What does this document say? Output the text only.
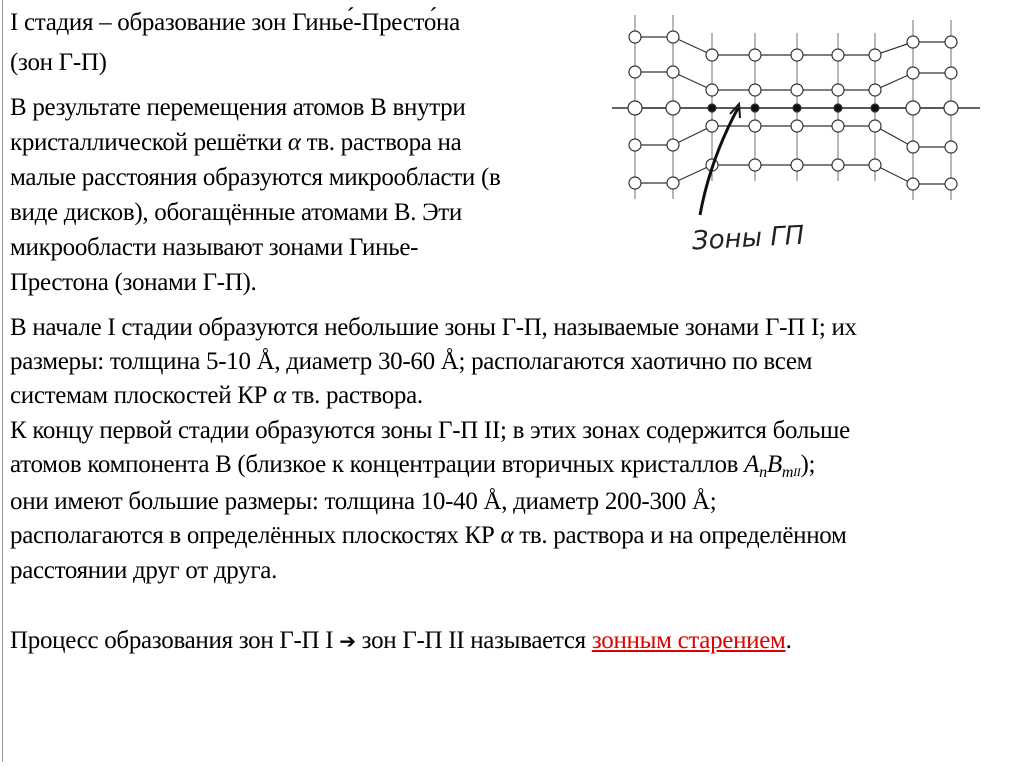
I стадия – образование зон Гинье́-Престо́на
(зон Г-П)
В результате перемещения атомов В внутри
кристаллической решётки α тв. раствора на
малые расстояния образуются микрообласти (в
виде дисков), обогащённые атомами В. Эти
микрообласти называют зонами Гинье-
Престона (зонами Г-П).
В начале I стадии образуются небольшие зоны Г-П, называемые зонами Г-П I; их
размеры: толщина 5-10 Å, диаметр 30-60 Å; располагаются хаотично по всем
системам плоскостей КР α тв. раствора.
К концу первой стадии образуются зоны Г-П II; в этих зонах содержится больше
атомов компонента В (близкое к концентрации вторичных кристаллов $A_nB_mII$);
они имеют большие размеры: толщина 10-40 Å, диаметр 200-300 Å;
располагаются в определённых плоскостях КР α тв. раствора и на определённом
расстоянии друг от друга.
Процесс образования зон Г-П I ➔ зон Г-П II называется зонным старением.
Зоны ГП
